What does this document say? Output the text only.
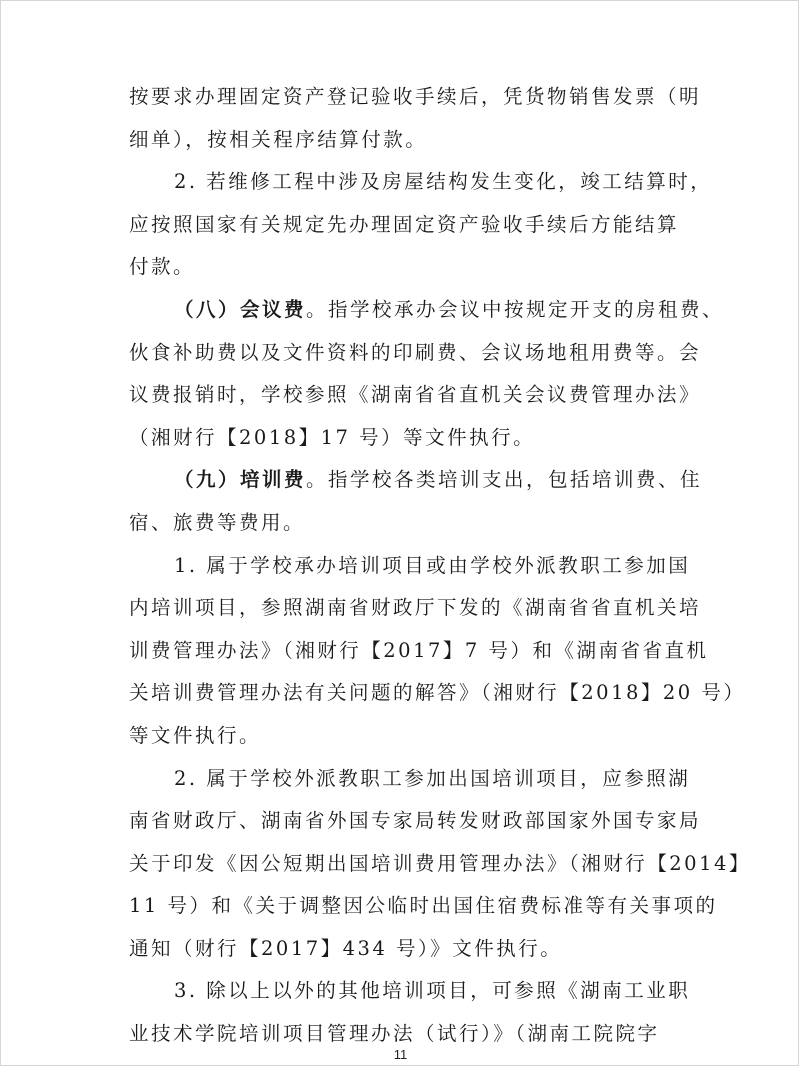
按要求办理固定资产登记验收手续后，凭货物销售发票（明
细单），按相关程序结算付款。
2. 若维修工程中涉及房屋结构发生变化，竣工结算时，
应按照国家有关规定先办理固定资产验收手续后方能结算
付款。
（八）会议费。指学校承办会议中按规定开支的房租费、
伙食补助费以及文件资料的印刷费、会议场地租用费等。会
议费报销时，学校参照《湖南省省直机关会议费管理办法》
（湘财行【2018】17 号）等文件执行。
（九）培训费。指学校各类培训支出，包括培训费、住
宿、旅费等费用。
1. 属于学校承办培训项目或由学校外派教职工参加国
内培训项目，参照湖南省财政厅下发的《湖南省省直机关培
训费管理办法》（湘财行【2017】7 号）和《湖南省省直机
关培训费管理办法有关问题的解答》（湘财行【2018】20 号）
等文件执行。
2. 属于学校外派教职工参加出国培训项目，应参照湖
南省财政厅、湖南省外国专家局转发财政部国家外国专家局
关于印发《因公短期出国培训费用管理办法》（湘财行【2014】
11 号）和《关于调整因公临时出国住宿费标准等有关事项的
通知（财行【2017】434 号）》文件执行。
3. 除以上以外的其他培训项目，可参照《湖南工业职
业技术学院培训项目管理办法（试行）》（湖南工院院字
11
